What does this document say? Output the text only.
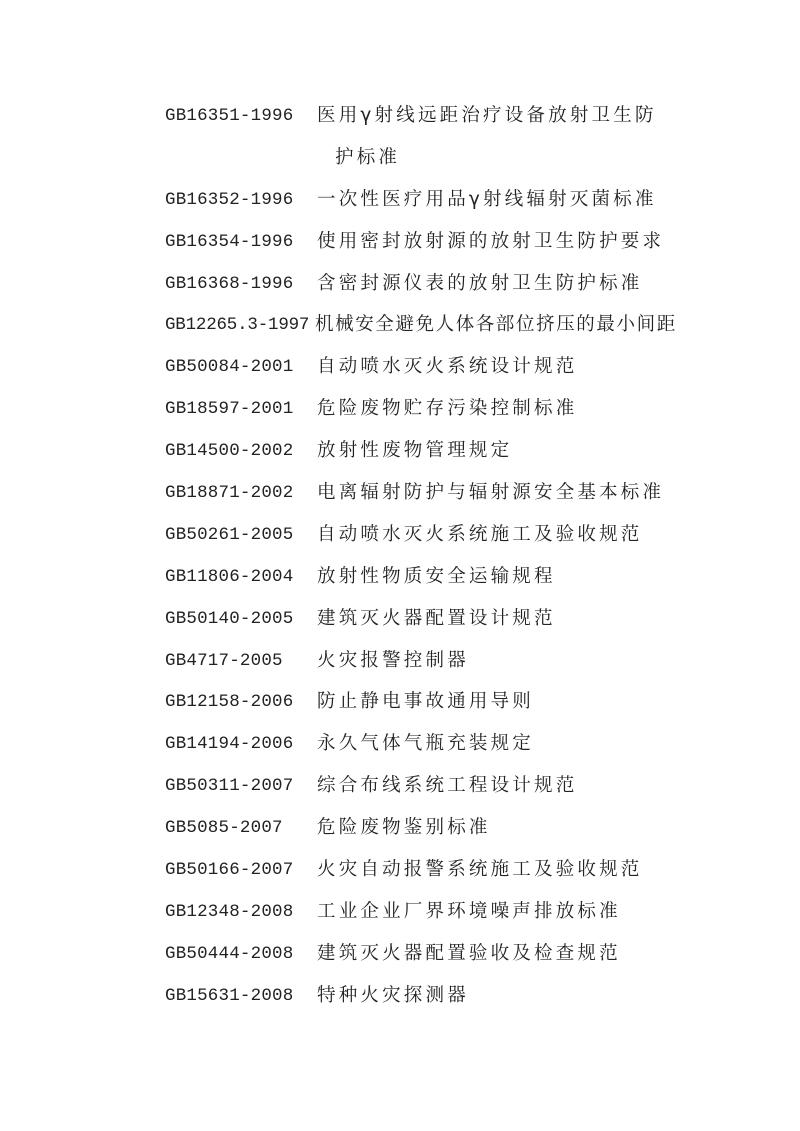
GB16351-1996	医用γ射线远距治疗设备放射卫生防
护标准
GB16352-1996	一次性医疗用品γ射线辐射灭菌标准
GB16354-1996	使用密封放射源的放射卫生防护要求
GB16368-1996	含密封源仪表的放射卫生防护标准
GB12265.3-1997 机械安全避免人体各部位挤压的最小间距
GB50084-2001	自动喷水灭火系统设计规范
GB18597-2001	危险废物贮存污染控制标准
GB14500-2002	放射性废物管理规定
GB18871-2002	电离辐射防护与辐射源安全基本标准
GB50261-2005	自动喷水灭火系统施工及验收规范
GB11806-2004	放射性物质安全运输规程
GB50140-2005	建筑灭火器配置设计规范
GB4717-2005	火灾报警控制器
GB12158-2006	防止静电事故通用导则
GB14194-2006	永久气体气瓶充装规定
GB50311-2007	综合布线系统工程设计规范
GB5085-2007	危险废物鉴别标准
GB50166-2007	火灾自动报警系统施工及验收规范
GB12348-2008	工业企业厂界环境噪声排放标准
GB50444-2008	建筑灭火器配置验收及检查规范
GB15631-2008	特种火灾探测器
